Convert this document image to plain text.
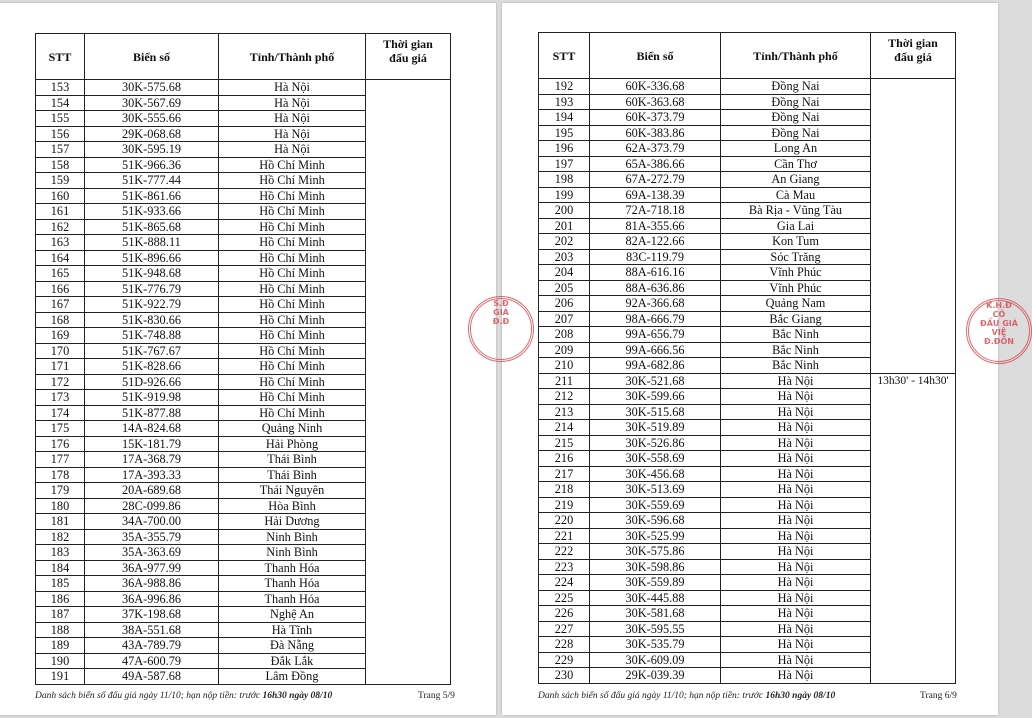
STT	Biển số	Tỉnh/Thành phố	Thời gian
đấu giá
153	30K-575.68	Hà Nội	
154	30K-567.69	Hà Nội	
155	30K-555.66	Hà Nội	
156	29K-068.68	Hà Nội	
157	30K-595.19	Hà Nội	
158	51K-966.36	Hồ Chí Minh	
159	51K-777.44	Hồ Chí Minh	
160	51K-861.66	Hồ Chí Minh	
161	51K-933.66	Hồ Chí Minh	
162	51K-865.68	Hồ Chí Minh	
163	51K-888.11	Hồ Chí Minh	
164	51K-896.66	Hồ Chí Minh	
165	51K-948.68	Hồ Chí Minh	
166	51K-776.79	Hồ Chí Minh	
167	51K-922.79	Hồ Chí Minh	
168	51K-830.66	Hồ Chí Minh	
169	51K-748.88	Hồ Chí Minh	
170	51K-767.67	Hồ Chí Minh	
171	51K-828.66	Hồ Chí Minh	
172	51D-926.66	Hồ Chí Minh	
173	51K-919.98	Hồ Chí Minh	
174	51K-877.88	Hồ Chí Minh	
175	14A-824.68	Quảng Ninh	
176	15K-181.79	Hải Phòng	
177	17A-368.79	Thái Bình	
178	17A-393.33	Thái Bình	
179	20A-689.68	Thái Nguyên	
180	28C-099.86	Hòa Bình	
181	34A-700.00	Hải Dương	
182	35A-355.79	Ninh Bình	
183	35A-363.69	Ninh Bình	
184	36A-977.99	Thanh Hóa	
185	36A-988.86	Thanh Hóa	
186	36A-996.86	Thanh Hóa	
187	37K-198.68	Nghệ An	
188	38A-551.68	Hà Tĩnh	
189	43A-789.79	Đà Nẵng	
190	47A-600.79	Đắk Lắk	
191	49A-587.68	Lâm Đồng	
Danh sách biển số đấu giá ngày 11/10; hạn nộp tiền: trước 16h30 ngày 08/10	Trang 5/9
STT	Biển số	Tỉnh/Thành phố	Thời gian
đấu giá
192	60K-336.68	Đồng Nai	
193	60K-363.68	Đồng Nai	
194	60K-373.79	Đồng Nai	
195	60K-383.86	Đồng Nai	
196	62A-373.79	Long An	
197	65A-386.66	Cần Thơ	
198	67A-272.79	An Giang	
199	69A-138.39	Cà Mau	
200	72A-718.18	Bà Rịa - Vũng Tàu	
201	81A-355.66	Gia Lai	
202	82A-122.66	Kon Tum	
203	83C-119.79	Sóc Trăng	
204	88A-616.16	Vĩnh Phúc	
205	88A-636.86	Vĩnh Phúc	
206	92A-366.68	Quảng Nam	
207	98A-666.79	Bắc Giang	
208	99A-656.79	Bắc Ninh	
209	99A-666.56	Bắc Ninh	
210	99A-682.86	Bắc Ninh	
211	30K-521.68	Hà Nội	13h30' - 14h30'
212	30K-599.66	Hà Nội	
213	30K-515.68	Hà Nội	
214	30K-519.89	Hà Nội	
215	30K-526.86	Hà Nội	
216	30K-558.69	Hà Nội	
217	30K-456.68	Hà Nội	
218	30K-513.69	Hà Nội	
219	30K-559.69	Hà Nội	
220	30K-596.68	Hà Nội	
221	30K-525.99	Hà Nội	
222	30K-575.86	Hà Nội	
223	30K-598.86	Hà Nội	
224	30K-559.89	Hà Nội	
225	30K-445.88	Hà Nội	
226	30K-581.68	Hà Nội	
227	30K-595.55	Hà Nội	
228	30K-535.79	Hà Nội	
229	30K-609.09	Hà Nội	
230	29K-039.39	Hà Nội	
Danh sách biển số đấu giá ngày 11/10; hạn nộp tiền: trước 16h30 ngày 08/10	Trang 6/9
S.Đ
GIÁ
Đ.Đ
K.H.Đ
CÔ
ĐẤU GIÁ
VIỆ
Đ.ĐỐN
